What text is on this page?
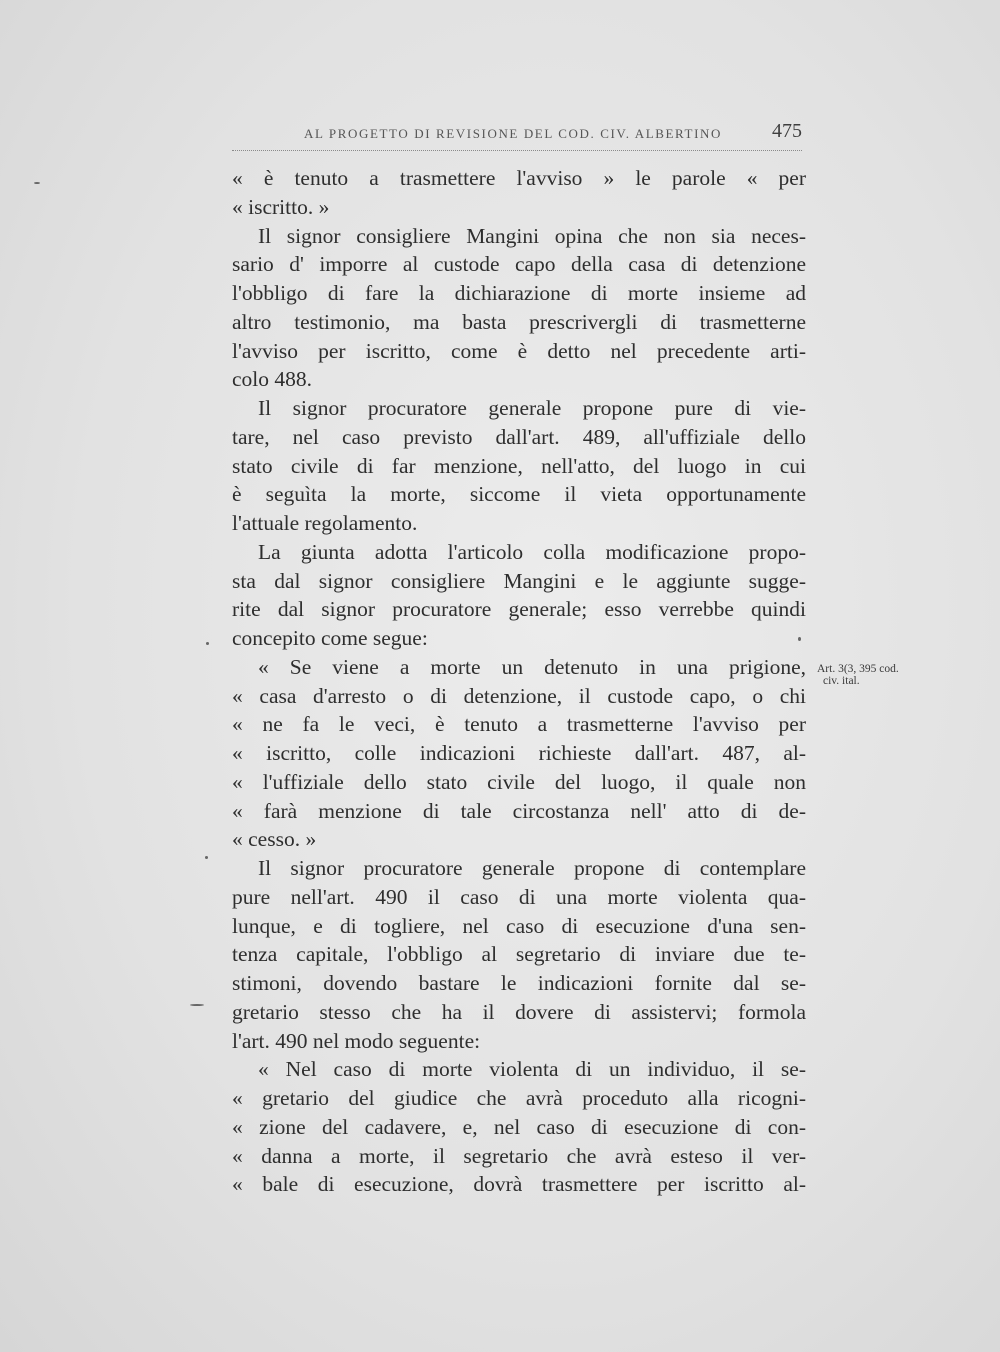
AL PROGETTO DI REVISIONE DEL COD. CIV. ALBERTINO	475
« è tenuto a trasmettere l'avviso » le parole « per
« iscritto. »
Il signor consigliere Mangini opina che non sia neces-
sario d' imporre al custode capo della casa di detenzione
l'obbligo di fare la dichiarazione di morte insieme ad
altro testimonio, ma basta prescrivergli di trasmetterne
l'avviso per iscritto, come è detto nel precedente arti-
colo 488.
Il signor procuratore generale propone pure di vie-
tare, nel caso previsto dall'art. 489, all'uffiziale dello
stato civile di far menzione, nell'atto, del luogo in cui
è seguìta la morte, siccome il vieta opportunamente
l'attuale regolamento.
La giunta adotta l'articolo colla modificazione propo-
sta dal signor consigliere Mangini e le aggiunte sugge-
rite dal signor procuratore generale; esso verrebbe quindi
concepito come segue:
« Se viene a morte un detenuto in una prigione,
« casa d'arresto o di detenzione, il custode capo, o chi
« ne fa le veci, è tenuto a trasmetterne l'avviso per
« iscritto, colle indicazioni richieste dall'art. 487, al-
« l'uffiziale dello stato civile del luogo, il quale non
« farà menzione di tale circostanza nell' atto di de-
« cesso. »
Il signor procuratore generale propone di contemplare
pure nell'art. 490 il caso di una morte violenta qua-
lunque, e di togliere, nel caso di esecuzione d'una sen-
tenza capitale, l'obbligo al segretario di inviare due te-
stimoni, dovendo bastare le indicazioni fornite dal se-
gretario stesso che ha il dovere di assistervi; formola
l'art. 490 nel modo seguente:
« Nel caso di morte violenta di un individuo, il se-
« gretario del giudice che avrà proceduto alla ricogni-
« zione del cadavere, e, nel caso di esecuzione di con-
« danna a morte, il segretario che avrà esteso il ver-
« bale di esecuzione, dovrà trasmettere per iscritto al-
Art. 3(3, 395 cod.
civ. ital.
